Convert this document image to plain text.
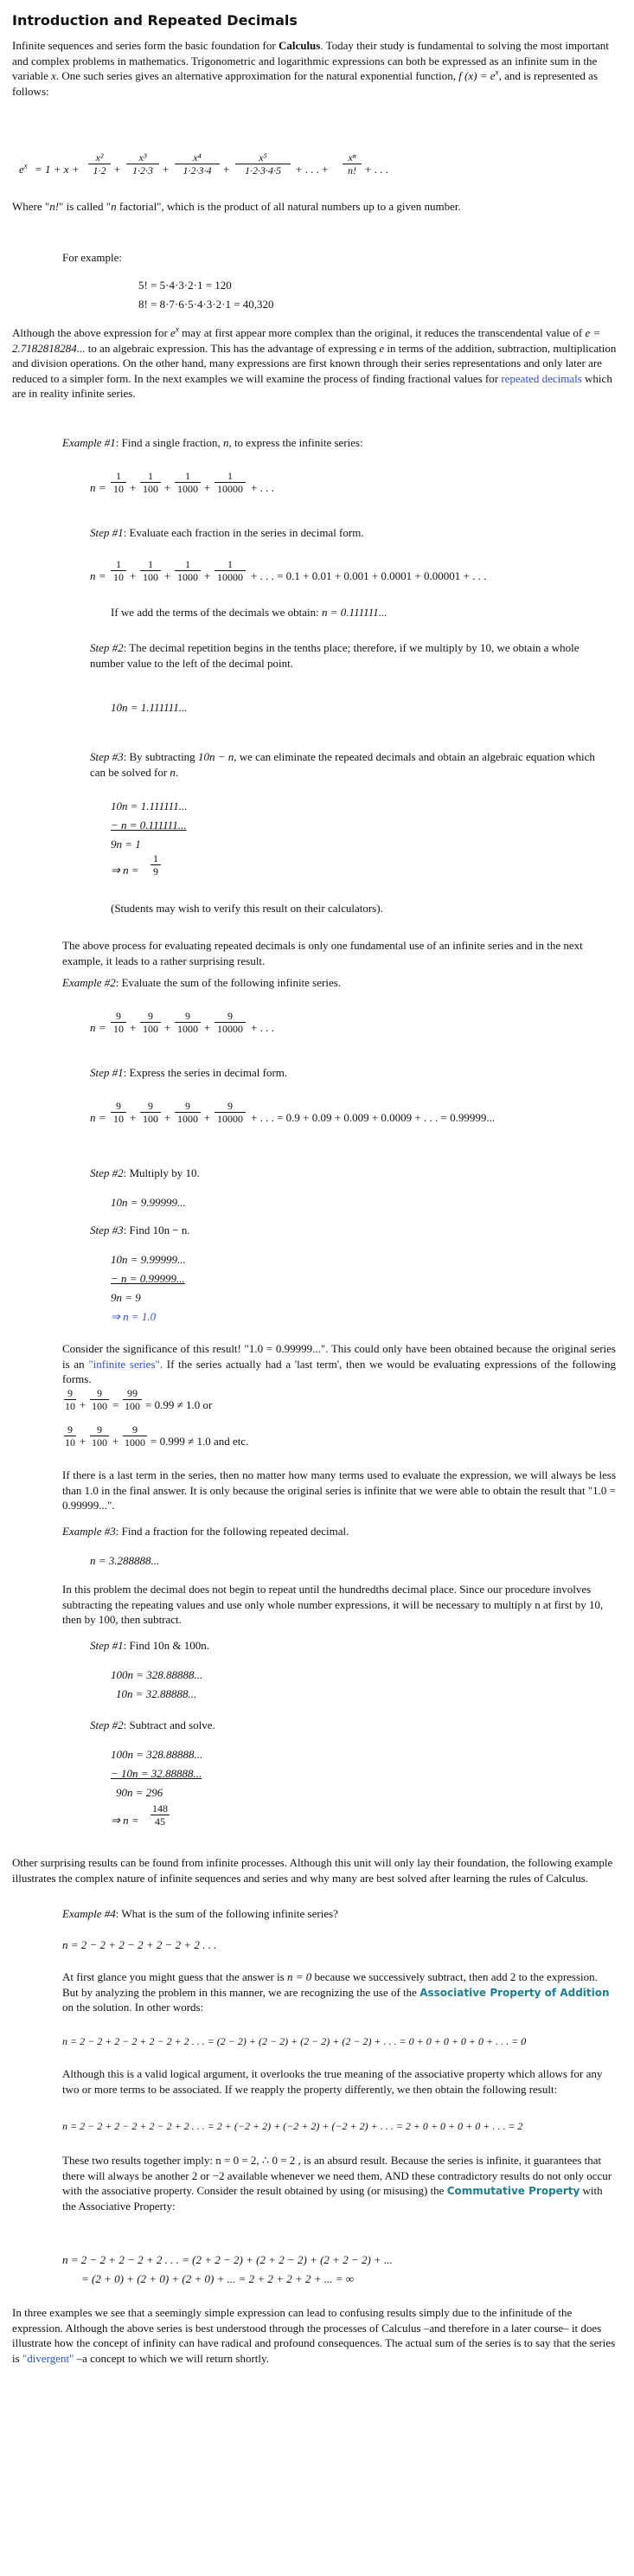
Introduction and Repeated Decimals
Infinite sequences and series form the basic foundation for Calculus. Today their study is fundamental to solving the most important and complex problems in mathematics. Trigonometric and logarithmic expressions can both be expressed as an infinite sum in the variable x. One such series gives an alternative approximation for the natural exponential function, f $(x) = e^x$, and is represented as follows:
$e^x = 1 + x$ +
x²
1·2 +
x³
1·2·3 +
x⁴
1·2·3·4	+
x⁵
1·2·3·4·5	+ . . . +
xⁿ
n! + . . .
Where "n!" is called "n factorial", which is the product of all natural numbers up to a given number.
For example:
5! = 5·4·3·2·1 = 120
8! = 8·7·6·5·4·3·2·1 = 40,320
Although the above expression for $e^x$ may at first appear more complex than the original, it reduces the transcendental value of e = 2.7182818284... to an algebraic expression. This has the advantage of expressing e in terms of the addition, subtraction, multiplication and division operations. On the other hand, many expressions are first known through their series representations and only later are reduced to a simpler form. In the next examples we will examine the process of finding fractional values for repeated decimals which are in reality infinite series.
Example #1: Find a single fraction, n, to express the infinite series:
n =
1
10 +
1
100 +
1
1000 +
1
10000 + . . .
Step #1: Evaluate each fraction in the series in decimal form.
n =
1
10 +
1
100 +
1
1000 +
1
10000 + . . . = 0.1 + 0.01 + 0.001 + 0.0001 + 0.00001 + . . .
If we add the terms of the decimals we obtain: n = 0.111111...
Step #2: The decimal repetition begins in the tenths place; therefore, if we multiply by 10, we obtain a whole number value to the left of the decimal point.
10n = 1.111111...
Step #3: By subtracting 10n − n, we can eliminate the repeated decimals and obtain an algebraic equation which can be solved for n.
10n = 1.111111...
− n = 0.111111...
9n = 1
⇒ n =
1
9
(Students may wish to verify this result on their calculators).
The above process for evaluating repeated decimals is only one fundamental use of an infinite series and in the next example, it leads to a rather surprising result.
Example #2: Evaluate the sum of the following infinite series.
n =
9
10 +
9
100 +
9
1000 +
9
10000 + . . .
Step #1: Express the series in decimal form.
n =
9
10 +
9
100 +
9
1000 +
9
10000 + . . . = 0.9 + 0.09 + 0.009 + 0.0009 + . . . = 0.99999...
Step #2: Multiply by 10.
10n = 9.99999...
Step #3: Find 10n − n.
10n = 9.99999...
− n = 0.99999...
9n = 9
⇒ n = 1.0
Consider the significance of this result! "1.0 = 0.99999...". This could only have been obtained because the original series is an "infinite series". If the series actually had a 'last term', then we would be evaluating expressions of the following forms.
9
10 +
9
100 =
99
100 = 0.99 ≠ 1.0 or
9
10 +
9
100 +
9
1000 = 0.999 ≠ 1.0 and etc.
If there is a last term in the series, then no matter how many terms used to evaluate the expression, we will always be less than 1.0 in the final answer. It is only because the original series is infinite that we were able to obtain the result that "1.0 = 0.99999...".
Example #3: Find a fraction for the following repeated decimal.
n = 3.288888...
In this problem the decimal does not begin to repeat until the hundredths decimal place. Since our procedure involves subtracting the repeating values and use only whole number expressions, it will be necessary to multiply n at first by 10, then by 100, then subtract.
Step #1: Find 10n & 100n.
100n = 328.88888...
10n = 32.88888...
Step #2: Subtract and solve.
100n = 328.88888...
− 10n = 32.88888...
90n = 296
⇒ n =
148
45
Other surprising results can be found from infinite processes. Although this unit will only lay their foundation, the following example illustrates the complex nature of infinite sequences and series and why many are best solved after learning the rules of Calculus.
Example #4: What is the sum of the following infinite series?
n = 2 − 2 + 2 − 2 + 2 − 2 + 2 . . .
At first glance you might guess that the answer is n = 0 because we successively subtract, then add 2 to the expression. But by analyzing the problem in this manner, we are recognizing the use of the Associative Property of Addition on the solution. In other words:
n = 2 − 2 + 2 − 2 + 2 − 2 + 2 . . . = (2 − 2) + (2 − 2) + (2 − 2) + (2 − 2) + . . . = 0 + 0 + 0 + 0 + 0 + . . . = 0
Although this is a valid logical argument, it overlooks the true meaning of the associative property which allows for any two or more terms to be associated. If we reapply the property differently, we then obtain the following result:
n = 2 − 2 + 2 − 2 + 2 − 2 + 2 . . . = 2 + (−2 + 2) + (−2 + 2) + (−2 + 2) + . . . = 2 + 0 + 0 + 0 + 0 + . . . = 2
These two results together imply: n = 0 = 2, ∴ 0 = 2 , is an absurd result. Because the series is infinite, it guarantees that there will always be another 2 or −2 available whenever we need them, AND these contradictory results do not only occur with the associative property. Consider the result obtained by using (or misusing) the Commutative Property with the Associative Property:
n = 2 − 2 + 2 − 2 + 2 . . . = (2 + 2 − 2) + (2 + 2 − 2) + (2 + 2 − 2) + ...
= (2 + 0) + (2 + 0) + (2 + 0) + ... = 2 + 2 + 2 + 2 + ... = ∞
In three examples we see that a seemingly simple expression can lead to confusing results simply due to the infinitude of the expression. Although the above series is best understood through the processes of Calculus –and therefore in a later course– it does illustrate how the concept of infinity can have radical and profound consequences. The actual sum of the series is to say that the series is "divergent" –a concept to which we will return shortly.
